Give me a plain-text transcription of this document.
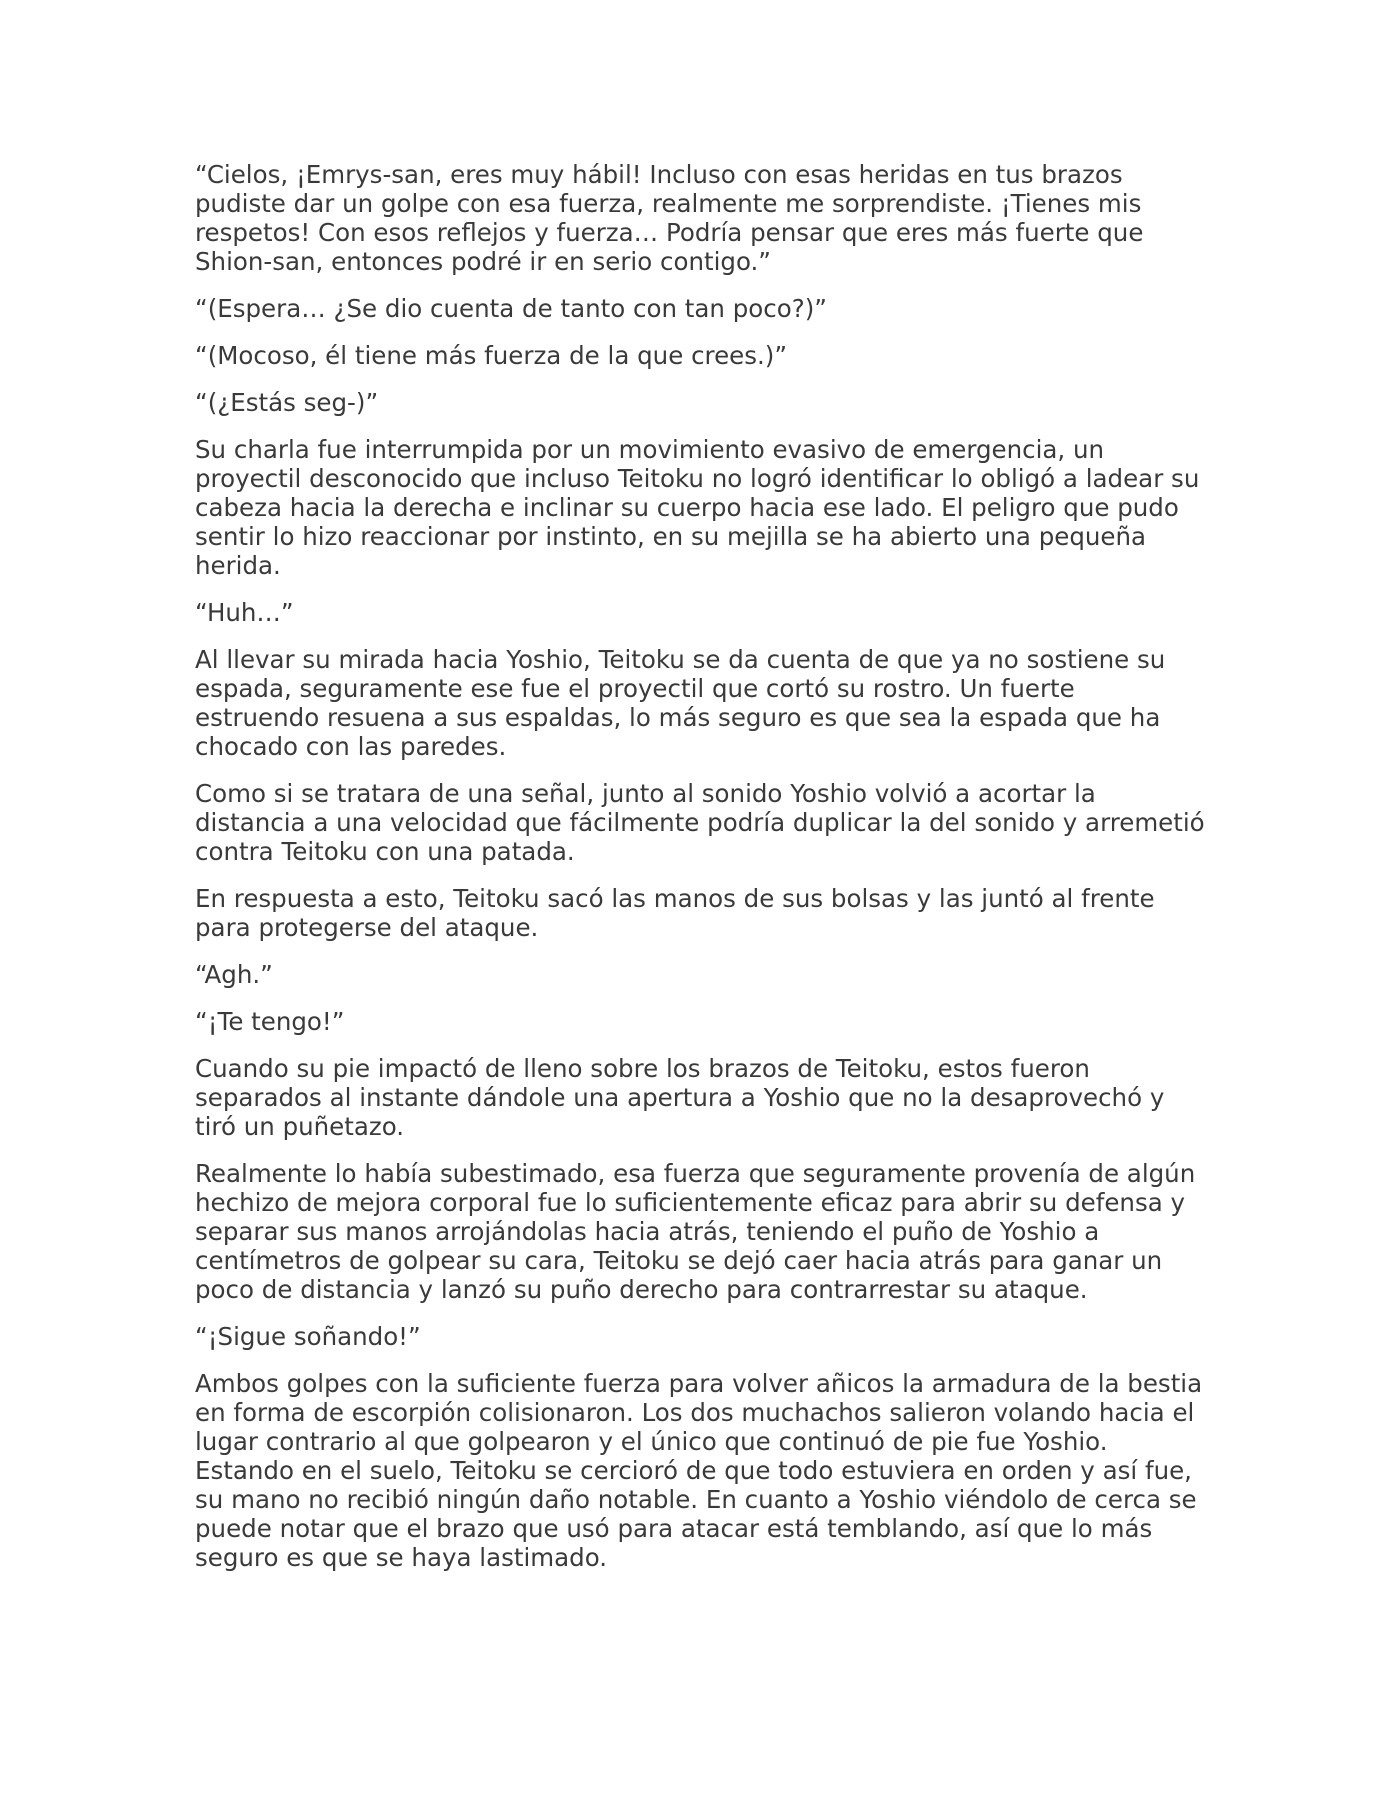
“Cielos, ¡Emrys-san, eres muy hábil! Incluso con esas heridas en tus brazos pudiste dar un golpe con esa fuerza, realmente me sorprendiste. ¡Tienes mis respetos! Con esos reflejos y fuerza… Podría pensar que eres más fuerte que Shion-san, entonces podré ir en serio contigo.”

“(Espera… ¿Se dio cuenta de tanto con tan poco?)”

“(Mocoso, él tiene más fuerza de la que crees.)”

“(¿Estás seg-)”

Su charla fue interrumpida por un movimiento evasivo de emergencia, un proyectil desconocido que incluso Teitoku no logró identificar lo obligó a ladear su cabeza hacia la derecha e inclinar su cuerpo hacia ese lado. El peligro que pudo sentir lo hizo reaccionar por instinto, en su mejilla se ha abierto una pequeña herida.

“Huh…”

Al llevar su mirada hacia Yoshio, Teitoku se da cuenta de que ya no sostiene su espada, seguramente ese fue el proyectil que cortó su rostro. Un fuerte estruendo resuena a sus espaldas, lo más seguro es que sea la espada que ha chocado con las paredes.

Como si se tratara de una señal, junto al sonido Yoshio volvió a acortar la distancia a una velocidad que fácilmente podría duplicar la del sonido y arremetió contra Teitoku con una patada.

En respuesta a esto, Teitoku sacó las manos de sus bolsas y las juntó al frente para protegerse del ataque.

“Agh.”

“¡Te tengo!”

Cuando su pie impactó de lleno sobre los brazos de Teitoku, estos fueron separados al instante dándole una apertura a Yoshio que no la desaprovechó y tiró un puñetazo.

Realmente lo había subestimado, esa fuerza que seguramente provenía de algún hechizo de mejora corporal fue lo suficientemente eficaz para abrir su defensa y separar sus manos arrojándolas hacia atrás, teniendo el puño de Yoshio a centímetros de golpear su cara, Teitoku se dejó caer hacia atrás para ganar un poco de distancia y lanzó su puño derecho para contrarrestar su ataque.

“¡Sigue soñando!”

Ambos golpes con la suficiente fuerza para volver añicos la armadura de la bestia en forma de escorpión colisionaron. Los dos muchachos salieron volando hacia el lugar contrario al que golpearon y el único que continuó de pie fue Yoshio. Estando en el suelo, Teitoku se cercioró de que todo estuviera en orden y así fue, su mano no recibió ningún daño notable. En cuanto a Yoshio viéndolo de cerca se puede notar que el brazo que usó para atacar está temblando, así que lo más seguro es que se haya lastimado.
